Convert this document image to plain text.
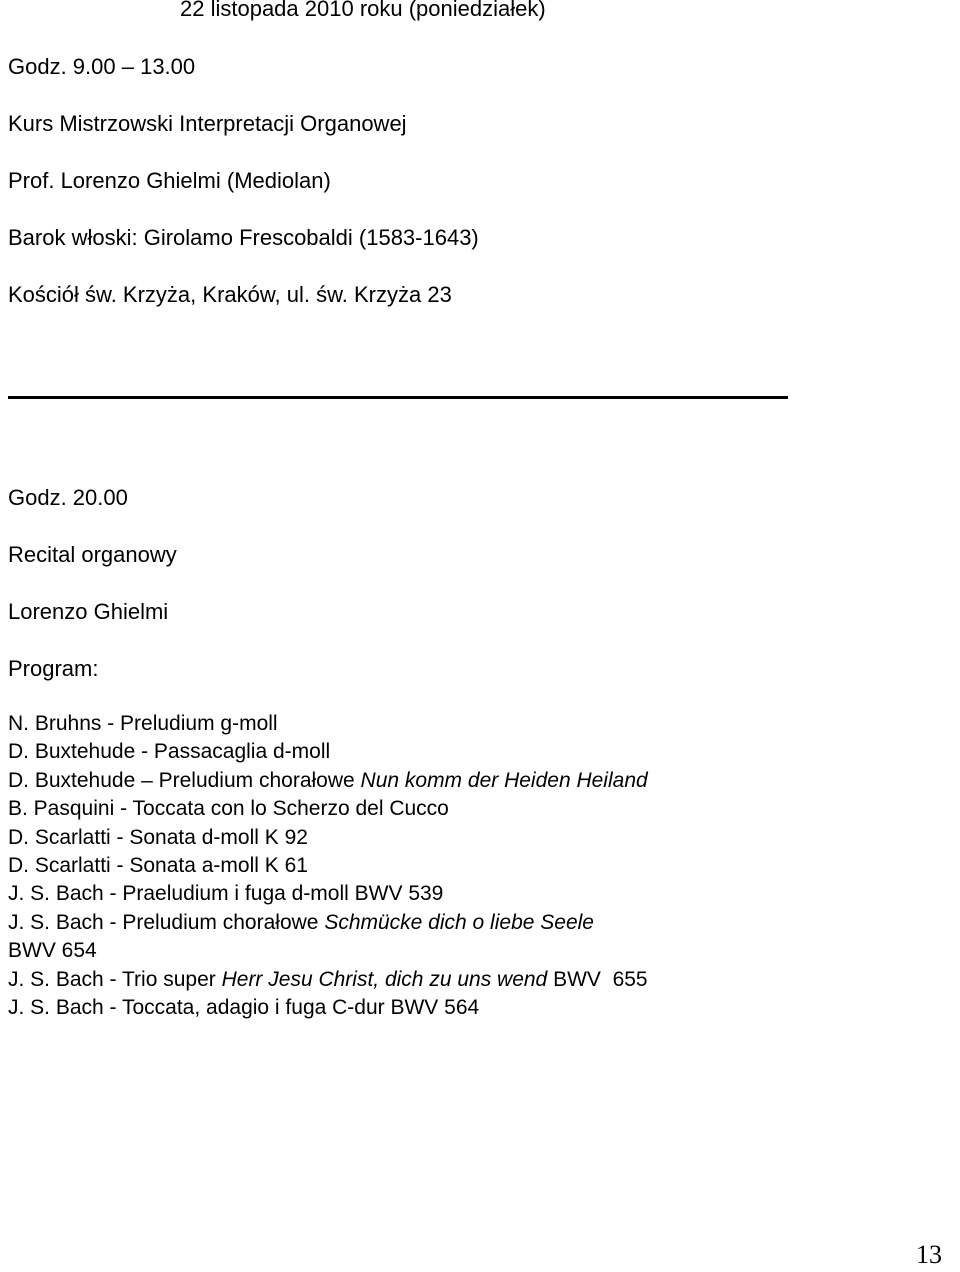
22 listopada 2010 roku (poniedziałek)
Godz. 9.00 – 13.00
Kurs Mistrzowski Interpretacji Organowej
Prof. Lorenzo Ghielmi (Mediolan)
Barok włoski: Girolamo Frescobaldi (1583-1643)
Kościół św. Krzyża, Kraków, ul. św. Krzyża 23
Godz. 20.00
Recital organowy
Lorenzo Ghielmi
Program:
N. Bruhns - Preludium g-moll
D. Buxtehude - Passacaglia d-moll
D. Buxtehude – Preludium chorałowe Nun komm der Heiden Heiland
B. Pasquini - Toccata con lo Scherzo del Cucco
D. Scarlatti - Sonata d-moll K 92
D. Scarlatti - Sonata a-moll K 61
J. S. Bach - Praeludium i fuga d-moll BWV 539
J. S. Bach - Preludium chorałowe Schmücke dich o liebe Seele
BWV 654
J. S. Bach - Trio super Herr Jesu Christ, dich zu uns wend BWV  655
J. S. Bach - Toccata, adagio i fuga C-dur BWV 564
13
